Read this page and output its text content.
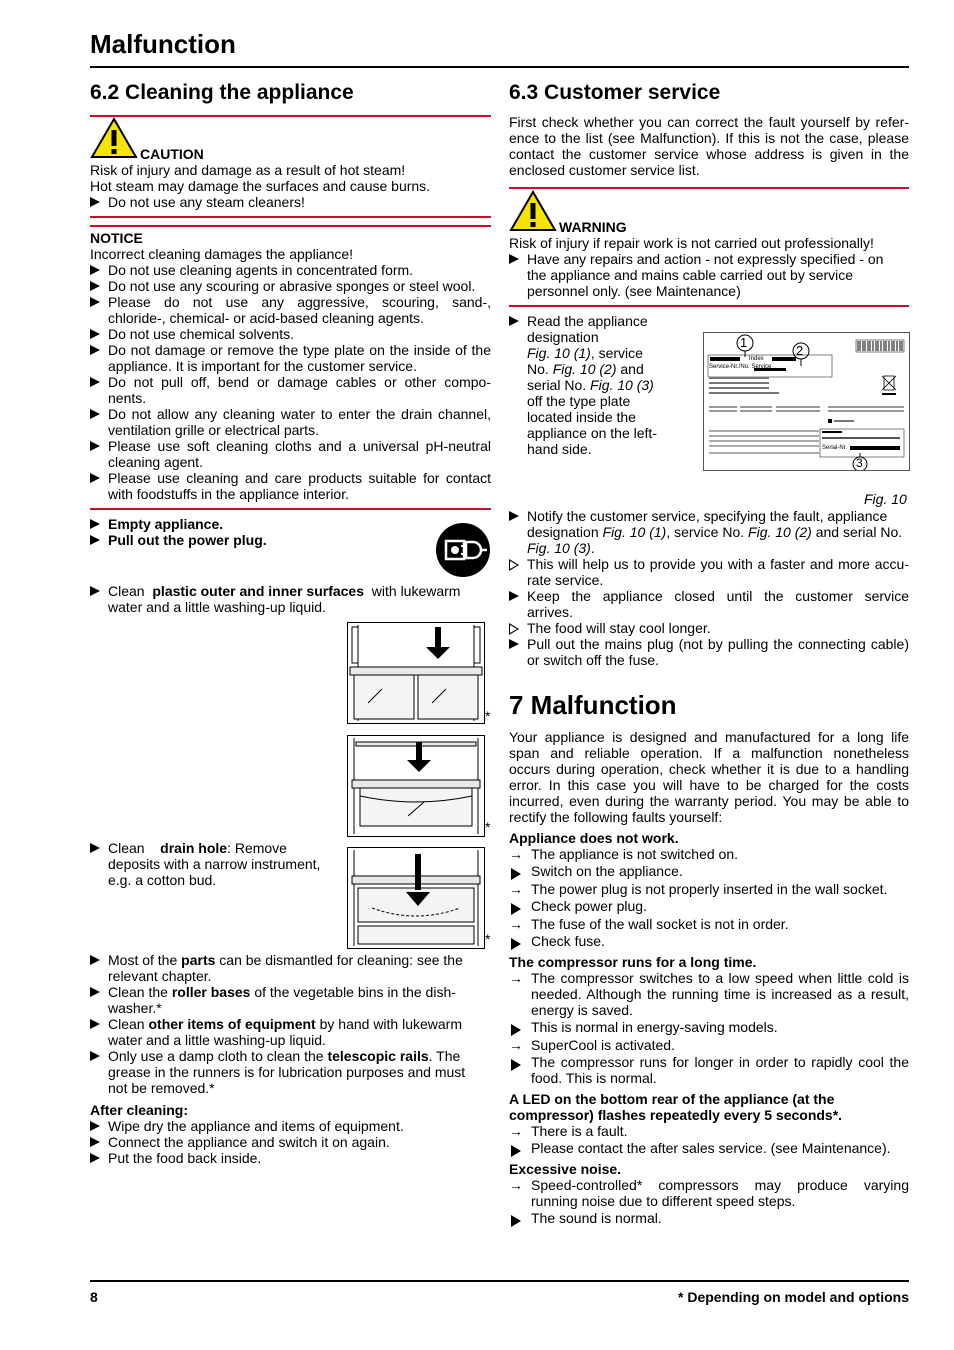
Malfunction
6.2 Cleaning the appliance
CAUTION
Risk of injury and damage as a result of hot steam!
Hot steam may damage the surfaces and cause burns.
Do not use any steam cleaners!
NOTICE
Incorrect cleaning damages the appliance!
Do not use cleaning agents in concentrated form.
Do not use any scouring or abrasive sponges or steel wool.
Please do not use any aggressive, scouring, sand-,
chloride-, chemical- or acid-based cleaning agents.
Do not use chemical solvents.
Do not damage or remove the type plate on the inside of the
appliance. It is important for the customer service.
Do not pull off, bend or damage cables or other compo-
nents.
Do not allow any cleaning water to enter the drain channel,
ventilation grille or electrical parts.
Please use soft cleaning cloths and a universal pH-neutral
cleaning agent.
Please use cleaning and care products suitable for contact
with foodstuffs in the appliance interior.
Empty appliance.
Pull out the power plug.
Clean plastic outer and inner surfaces with lukewarm
water and a little washing-up liquid.
*
*
Clean drain hole: Remove
deposits with a narrow instrument,
e.g. a cotton bud.
*
Most of the parts can be dismantled for cleaning: see the
relevant chapter.
Clean the roller bases of the vegetable bins in the dish-
washer.*
Clean other items of equipment by hand with lukewarm
water and a little washing-up liquid.
Only use a damp cloth to clean the telescopic rails. The
grease in the runners is for lubrication purposes and must
not be removed.*
After cleaning:
Wipe dry the appliance and items of equipment.
Connect the appliance and switch it on again.
Put the food back inside.
6.3 Customer service
First check whether you can correct the fault yourself by refer-
ence to the list (see Malfunction). If this is not the case, please
contact the customer service whose address is given in the
enclosed customer service list.
WARNING
Risk of injury if repair work is not carried out professionally!
Have any repairs and action - not expressly specified - on
the appliance and mains cable carried out by service
personnel only. (see Maintenance)
Read the appliance
designation
Fig. 10 (1), service
No. Fig. 10 (2) and
serial No. Fig. 10 (3)
off the type plate
located inside the
appliance on the left-
hand side.
1
2
3
Index
Service-Nr./No. Service
Serial-Nr.
Fig. 10
Notify the customer service, specifying the fault, appliance
designation Fig. 10 (1), service No. Fig. 10 (2) and serial No.
Fig. 10 (3).
This will help us to provide you with a faster and more accu-
rate service.
Keep the appliance closed until the customer service
arrives.
The food will stay cool longer.
Pull out the mains plug (not by pulling the connecting cable)
or switch off the fuse.
7 Malfunction
Your appliance is designed and manufactured for a long life
span and reliable operation. If a malfunction nonetheless
occurs during operation, check whether it is due to a handling
error. In this case you will have to be charged for the costs
incurred, even during the warranty period. You may be able to
rectify the following faults yourself:
Appliance does not work.
→ The appliance is not switched on.
Switch on the appliance.
→ The power plug is not properly inserted in the wall socket.
Check power plug.
→ The fuse of the wall socket is not in order.
Check fuse.
The compressor runs for a long time.
→ The compressor switches to a low speed when little cold is
needed. Although the running time is increased as a result,
energy is saved.
This is normal in energy-saving models.
→ SuperCool is activated.
The compressor runs for longer in order to rapidly cool the
food. This is normal.
A LED on the bottom rear of the appliance (at the
compressor) flashes repeatedly every 5 seconds*.
→ There is a fault.
Please contact the after sales service. (see Maintenance).
Excessive noise.
→ Speed-controlled* compressors may produce varying
running noise due to different speed steps.
The sound is normal.
8	* Depending on model and options
